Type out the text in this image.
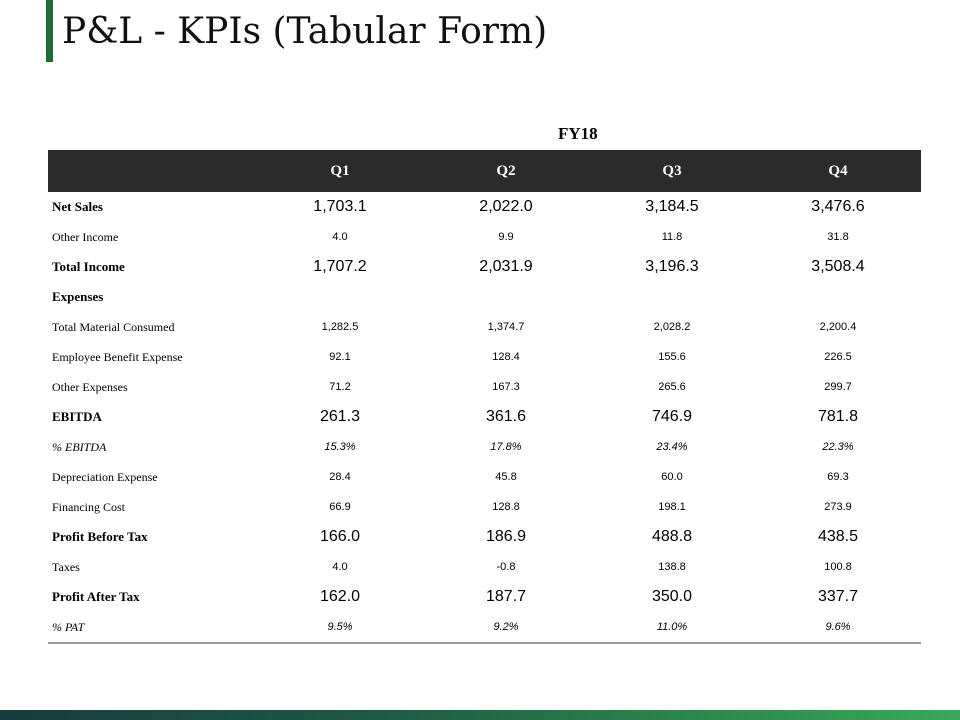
P&L - KPIs (Tabular Form)
FY18
	Q1	Q2	Q3	Q4
Net Sales	1,703.1	2,022.0	3,184.5	3,476.6
Other Income	4.0	9.9	11.8	31.8
Total Income	1,707.2	2,031.9	3,196.3	3,508.4
Expenses				
Total Material Consumed	1,282.5	1,374.7	2,028.2	2,200.4
Employee Benefit Expense	92.1	128.4	155.6	226.5
Other Expenses	71.2	167.3	265.6	299.7
EBITDA	261.3	361.6	746.9	781.8
% EBITDA	15.3%	17.8%	23.4%	22.3%
Depreciation Expense	28.4	45.8	60.0	69.3
Financing Cost	66.9	128.8	198.1	273.9
Profit Before Tax	166.0	186.9	488.8	438.5
Taxes	4.0	-0.8	138.8	100.8
Profit After Tax	162.0	187.7	350.0	337.7
% PAT	9.5%	9.2%	11.0%	9.6%
